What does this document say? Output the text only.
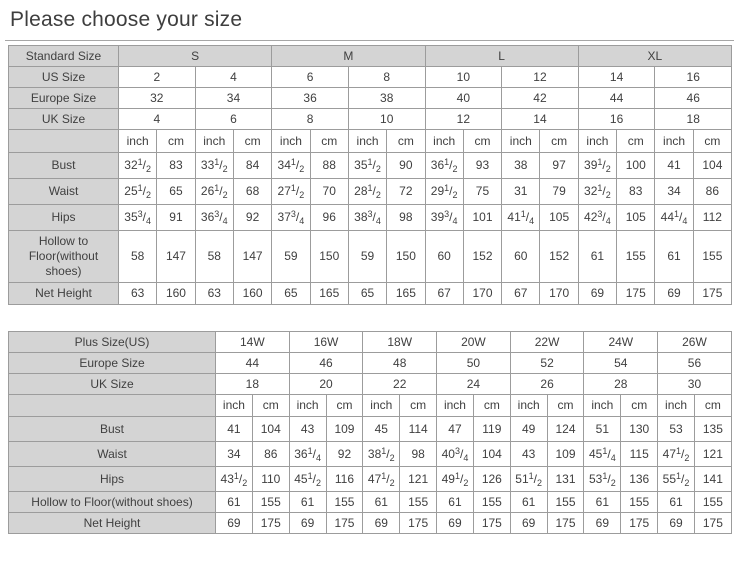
Please choose your size
Standard Size	S				M				L				XL			
US Size	2		4		6		8		10		12		14		16	
Europe Size	32		34		36		38		40		42		44		46	
UK Size	4		6		8		10		12		14		16		18	
	inch	cm	inch	cm	inch	cm	inch	cm	inch	cm	inch	cm	inch	cm	inch	cm
Bust	$32^1/_2$	83	$33^1/_2$	84	$34^1/_2$	88	$35^1/_2$	90	$36^1/_2$	93	38	97	$39^1/_2$	100	41	104
Waist	$25^1/_2$	65	$26^1/_2$	68	$27^1/_2$	70	$28^1/_2$	72	$29^1/_2$	75	31	79	$32^1/_2$	83	34	86
Hips	$35^3/_4$	91	$36^3/_4$	92	$37^3/_4$	96	$38^3/_4$	98	$39^3/_4$	101	$41^1/_4$	105	$42^3/_4$	105	$44^1/_4$	112
Hollow to Floor(without shoes)	58	147	58	147	59	150	59	150	60	152	60	152	61	155	61	155
Net Height	63	160	63	160	65	165	65	165	67	170	67	170	69	175	69	175
Plus Size(US)	14W		16W		18W		20W		22W		24W		26W	
Europe Size	44		46		48		50		52		54		56	
UK Size	18		20		22		24		26		28		30	
	inch	cm	inch	cm	inch	cm	inch	cm	inch	cm	inch	cm	inch	cm
Bust	41	104	43	109	45	114	47	119	49	124	51	130	53	135
Waist	34	86	$36^1/_4$	92	$38^1/_2$	98	$40^3/_4$	104	43	109	$45^1/_4$	115	$47^1/_2$	121
Hips	$43^1/_2$	110	$45^1/_2$	116	$47^1/_2$	121	$49^1/_2$	126	$51^1/_2$	131	$53^1/_2$	136	$55^1/_2$	141
Hollow to Floor(without shoes)	61	155	61	155	61	155	61	155	61	155	61	155	61	155
Net Height	69	175	69	175	69	175	69	175	69	175	69	175	69	175
